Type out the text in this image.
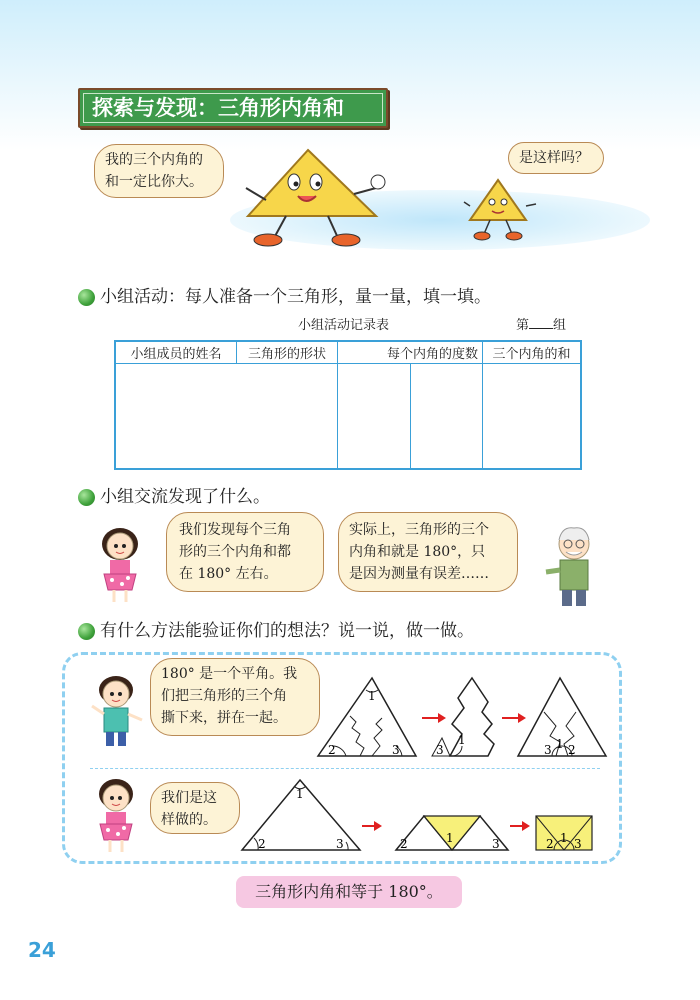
探索与发现：三角形内角和
我的三个内角的
和一定比你大。
是这样吗？
小组活动：每人准备一个三角形，量一量，填一填。
小组活动记录表	第 组
小组成员的姓名	三角形的形状	每个内角的度数		三个内角的和

小组交流发现了什么。
我们发现每个三角
形的三个内角和都
在 180° 左右。
实际上，三角形的三个
内角和就是 180°，只
是因为测量有误差……
有什么方法能验证你们的想法？说一说，做一做。
180° 是一个平角。我
们把三角形的三个角
撕下来，拼在一起。
1
2	3	3
1
3 1 2
我们是这
样做的。
1
2	3	1
2	3	1
2 3
三角形内角和等于 180°。
24
